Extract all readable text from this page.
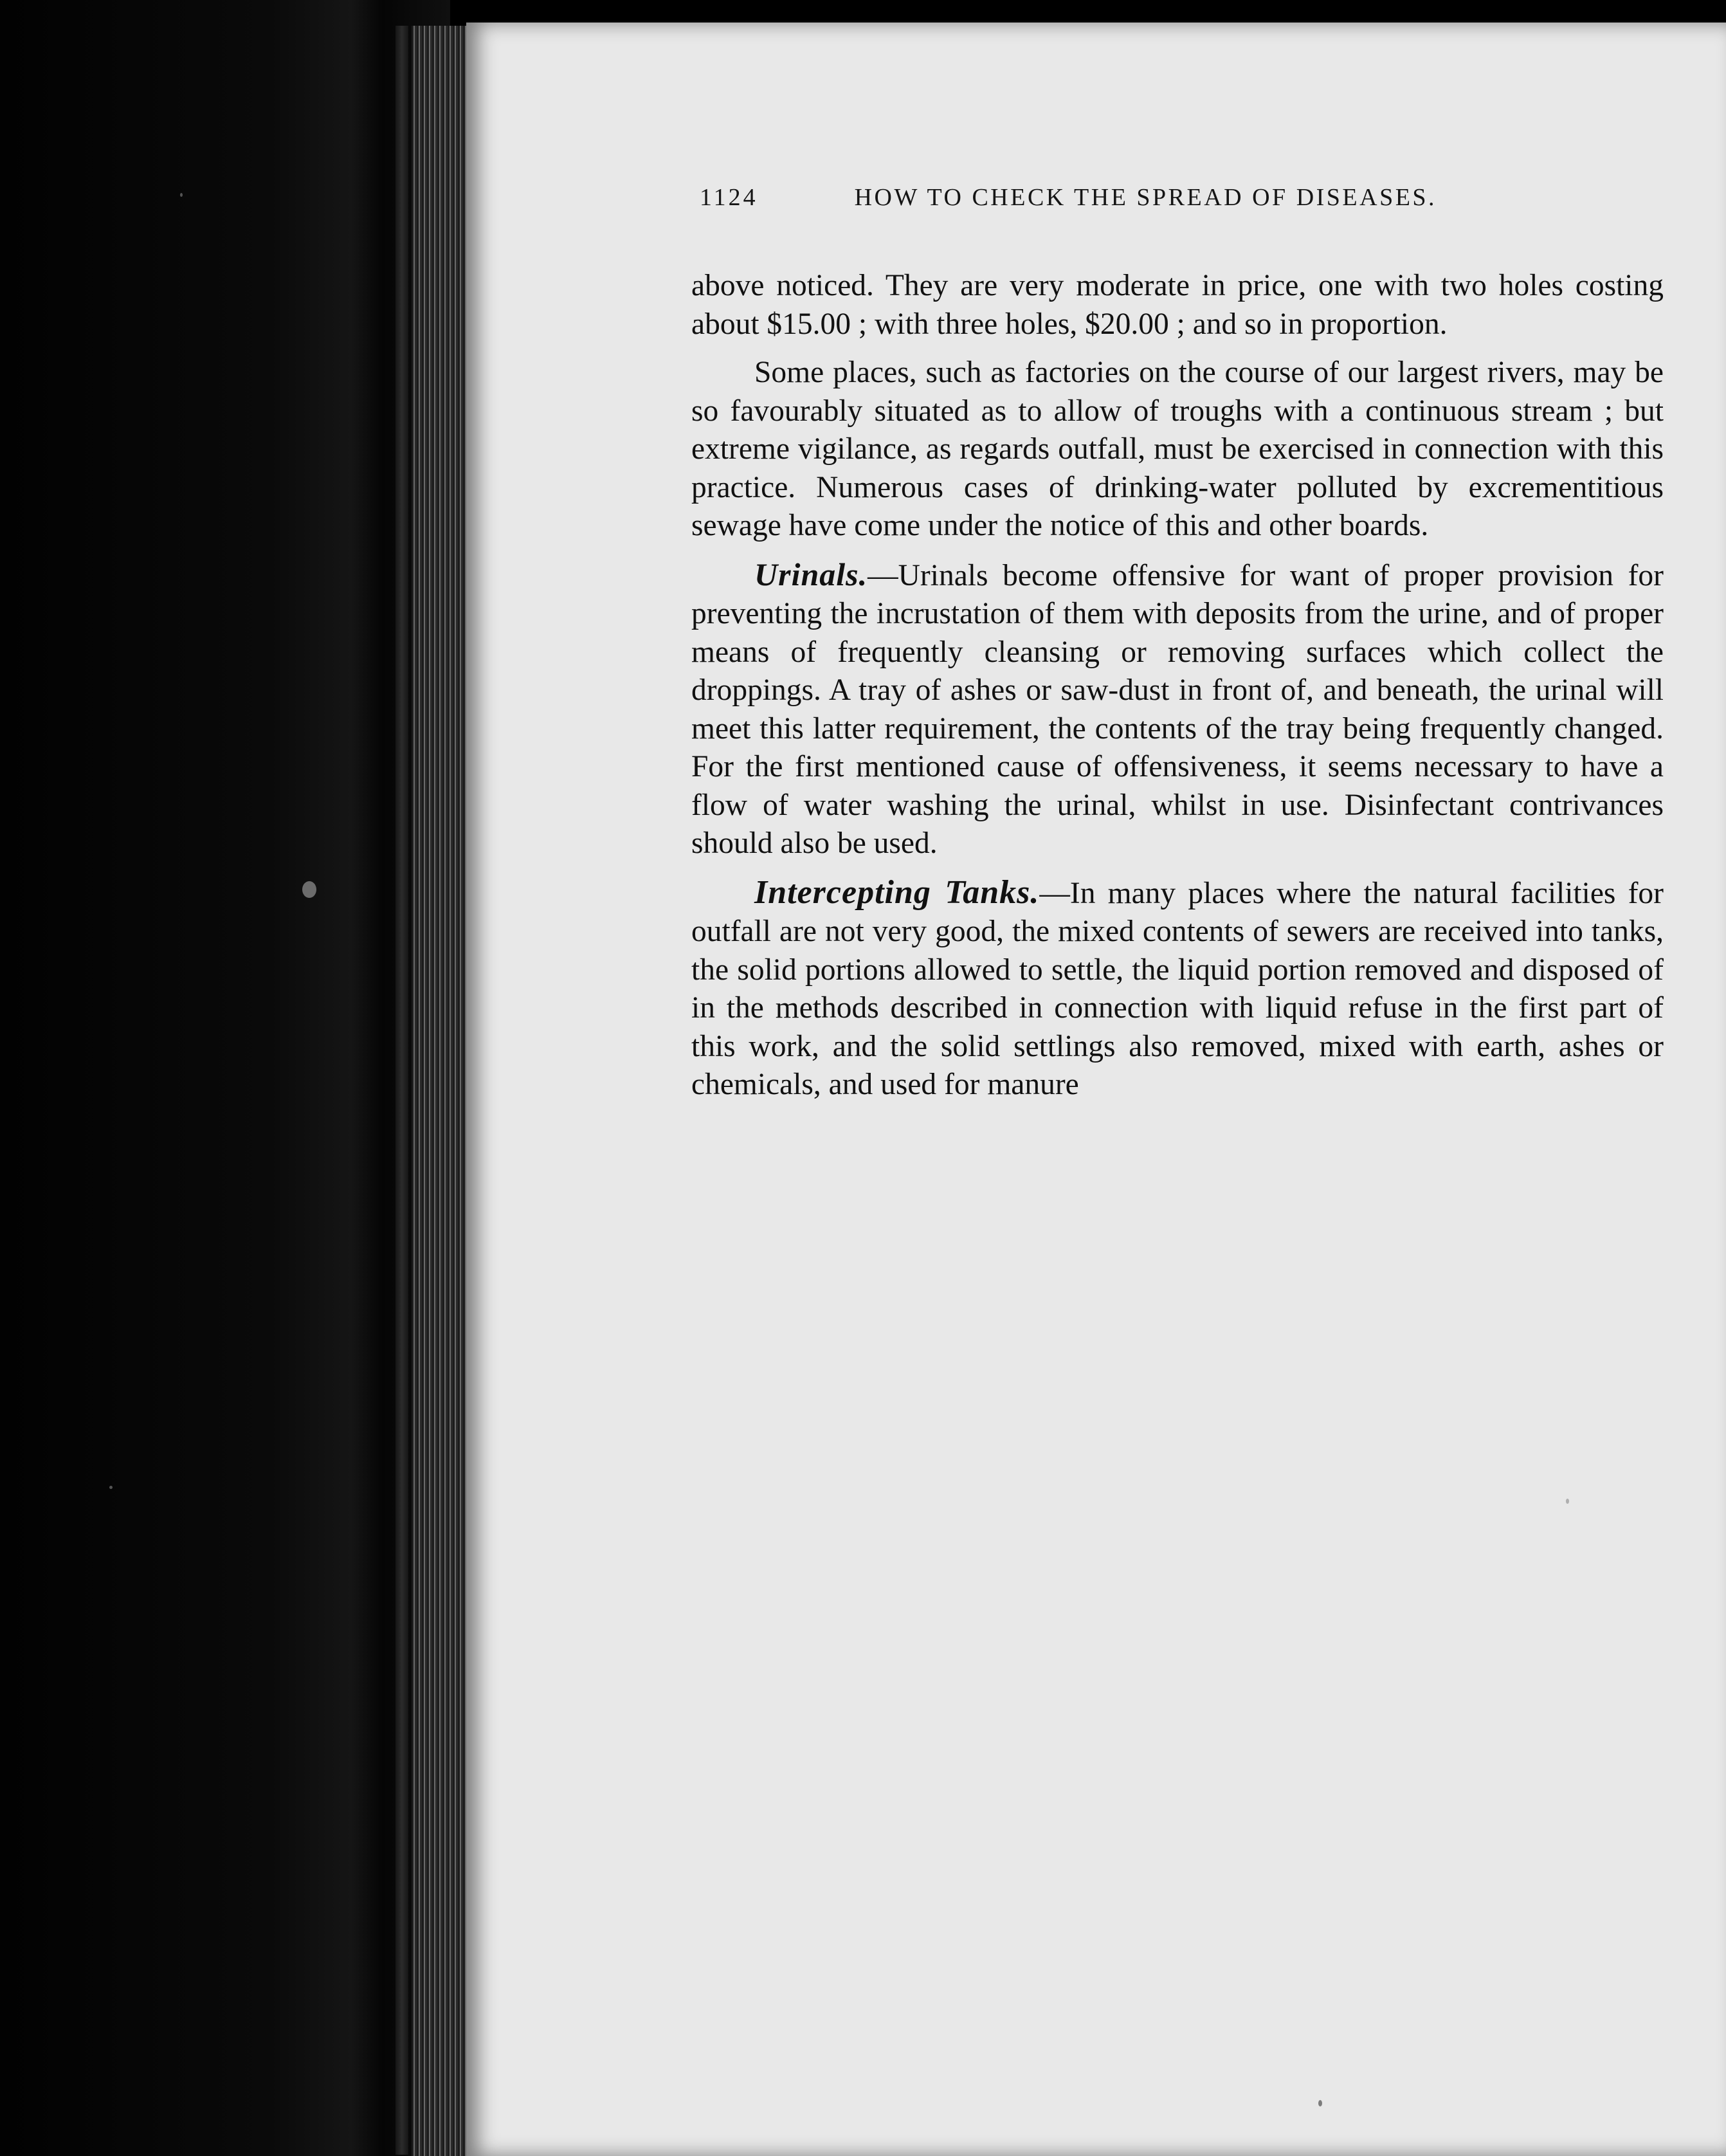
1124	HOW TO CHECK THE SPREAD OF DISEASES.

above noticed. They are very moderate in price, one with two holes costing about $15.00 ; with three holes, $20.00 ; and so in proportion.

Some places, such as factories on the course of our largest rivers, may be so favourably situated as to allow of troughs with a continuous stream ; but extreme vigilance, as regards outfall, must be exercised in connection with this practice. Numerous cases of drinking-water polluted by excrementitious sewage have come under the notice of this and other boards.

Urinals.—Urinals become offensive for want of proper provision for preventing the incrustation of them with deposits from the urine, and of proper means of frequently cleansing or removing surfaces which collect the droppings. A tray of ashes or saw-dust in front of, and beneath, the urinal will meet this latter requirement, the contents of the tray being frequently changed. For the first mentioned cause of offensiveness, it seems necessary to have a flow of water washing the urinal, whilst in use. Disinfectant contrivances should also be used.

Intercepting Tanks.—In many places where the natural facilities for outfall are not very good, the mixed contents of sewers are received into tanks, the solid portions allowed to settle, the liquid portion removed and disposed of in the methods described in connection with liquid refuse in the first part of this work, and the solid settlings also removed, mixed with earth, ashes or chemicals, and used for manure
